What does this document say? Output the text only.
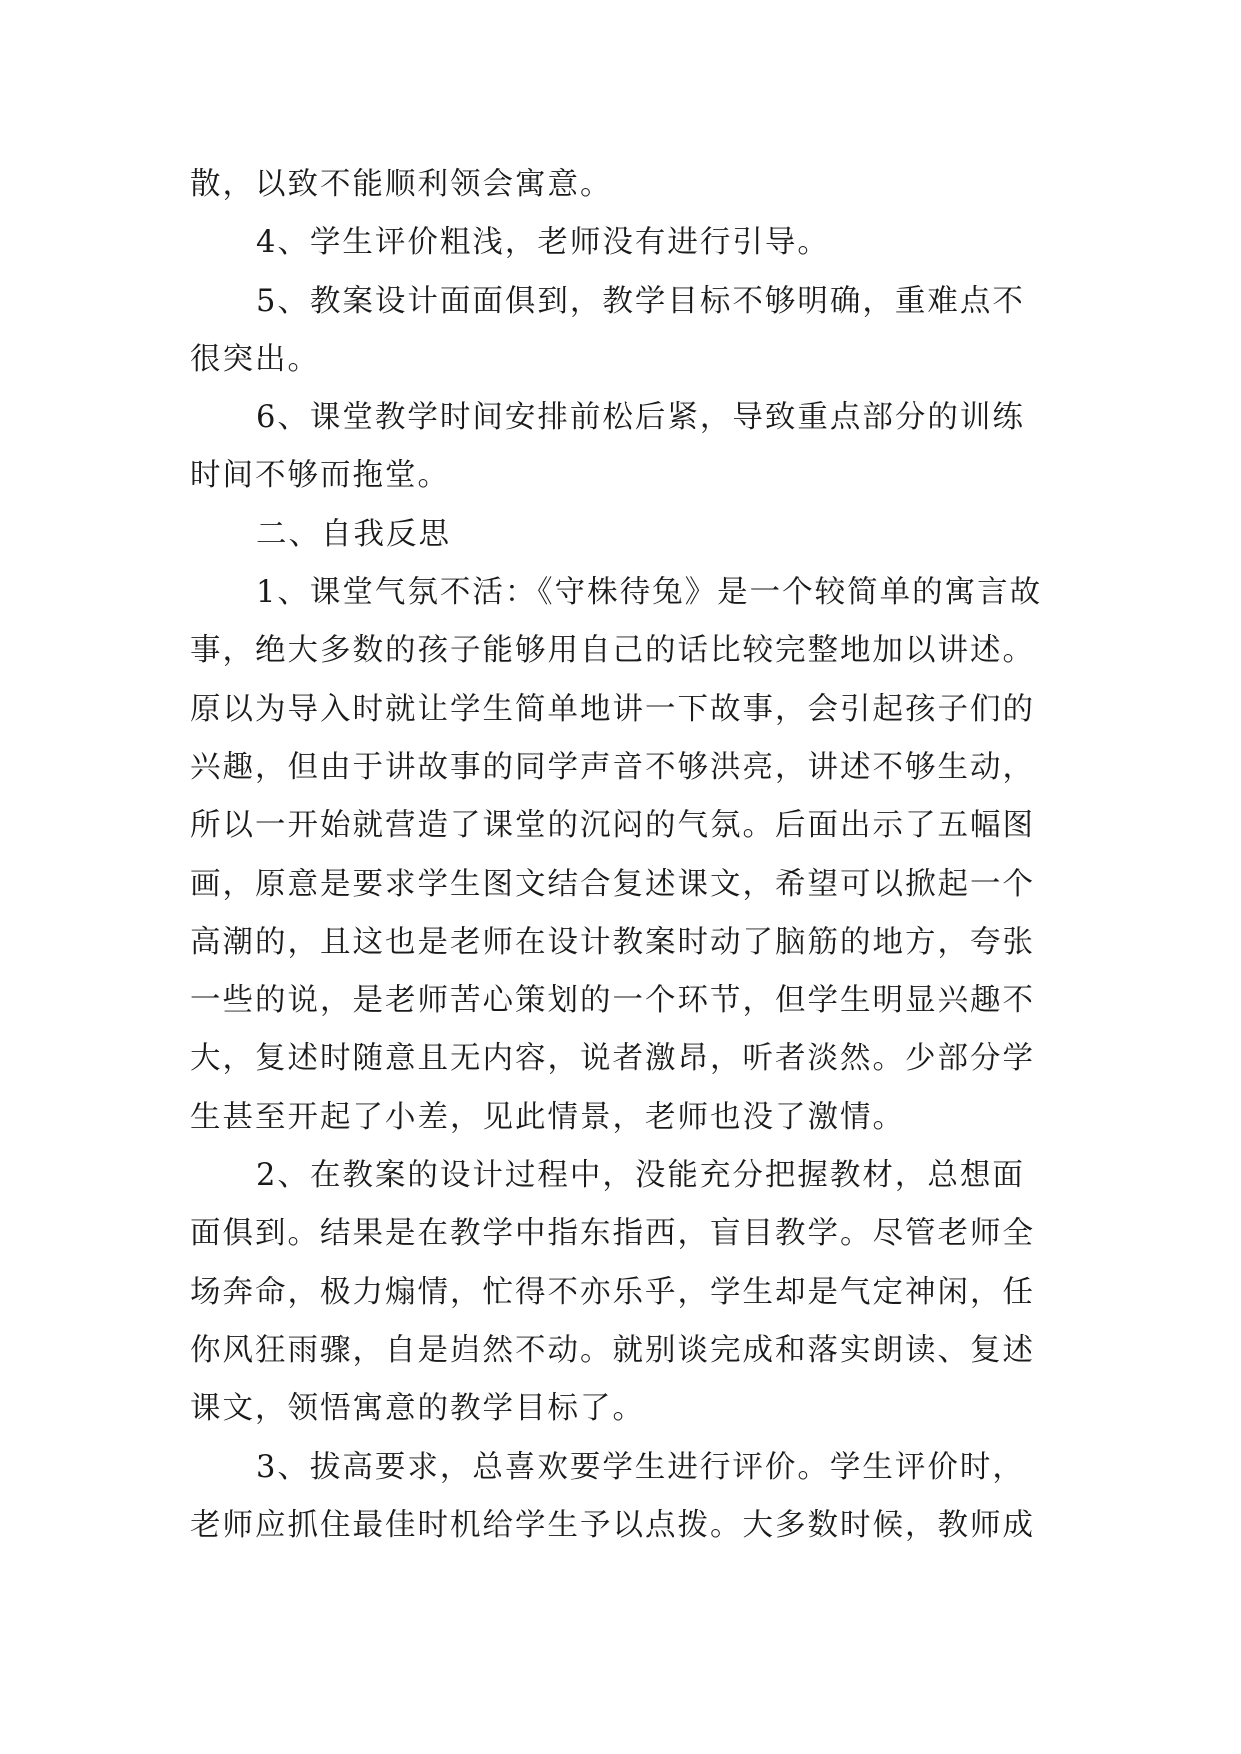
散，以致不能顺利领会寓意。
4、学生评价粗浅，老师没有进行引导。
5、教案设计面面俱到，教学目标不够明确，重难点不
很突出。
6、课堂教学时间安排前松后紧，导致重点部分的训练
时间不够而拖堂。
二、自我反思
1、课堂气氛不活：《守株待兔》是一个较简单的寓言故
事，绝大多数的孩子能够用自己的话比较完整地加以讲述。
原以为导入时就让学生简单地讲一下故事，会引起孩子们的
兴趣，但由于讲故事的同学声音不够洪亮，讲述不够生动，
所以一开始就营造了课堂的沉闷的气氛。后面出示了五幅图
画，原意是要求学生图文结合复述课文，希望可以掀起一个
高潮的，且这也是老师在设计教案时动了脑筋的地方，夸张
一些的说，是老师苦心策划的一个环节，但学生明显兴趣不
大，复述时随意且无内容，说者激昂，听者淡然。少部分学
生甚至开起了小差，见此情景，老师也没了激情。
2、在教案的设计过程中，没能充分把握教材，总想面
面俱到。结果是在教学中指东指西，盲目教学。尽管老师全
场奔命，极力煽情，忙得不亦乐乎，学生却是气定神闲，任
你风狂雨骤，自是岿然不动。就别谈完成和落实朗读、复述
课文，领悟寓意的教学目标了。
3、拔高要求，总喜欢要学生进行评价。学生评价时，
老师应抓住最佳时机给学生予以点拨。大多数时候，教师成
